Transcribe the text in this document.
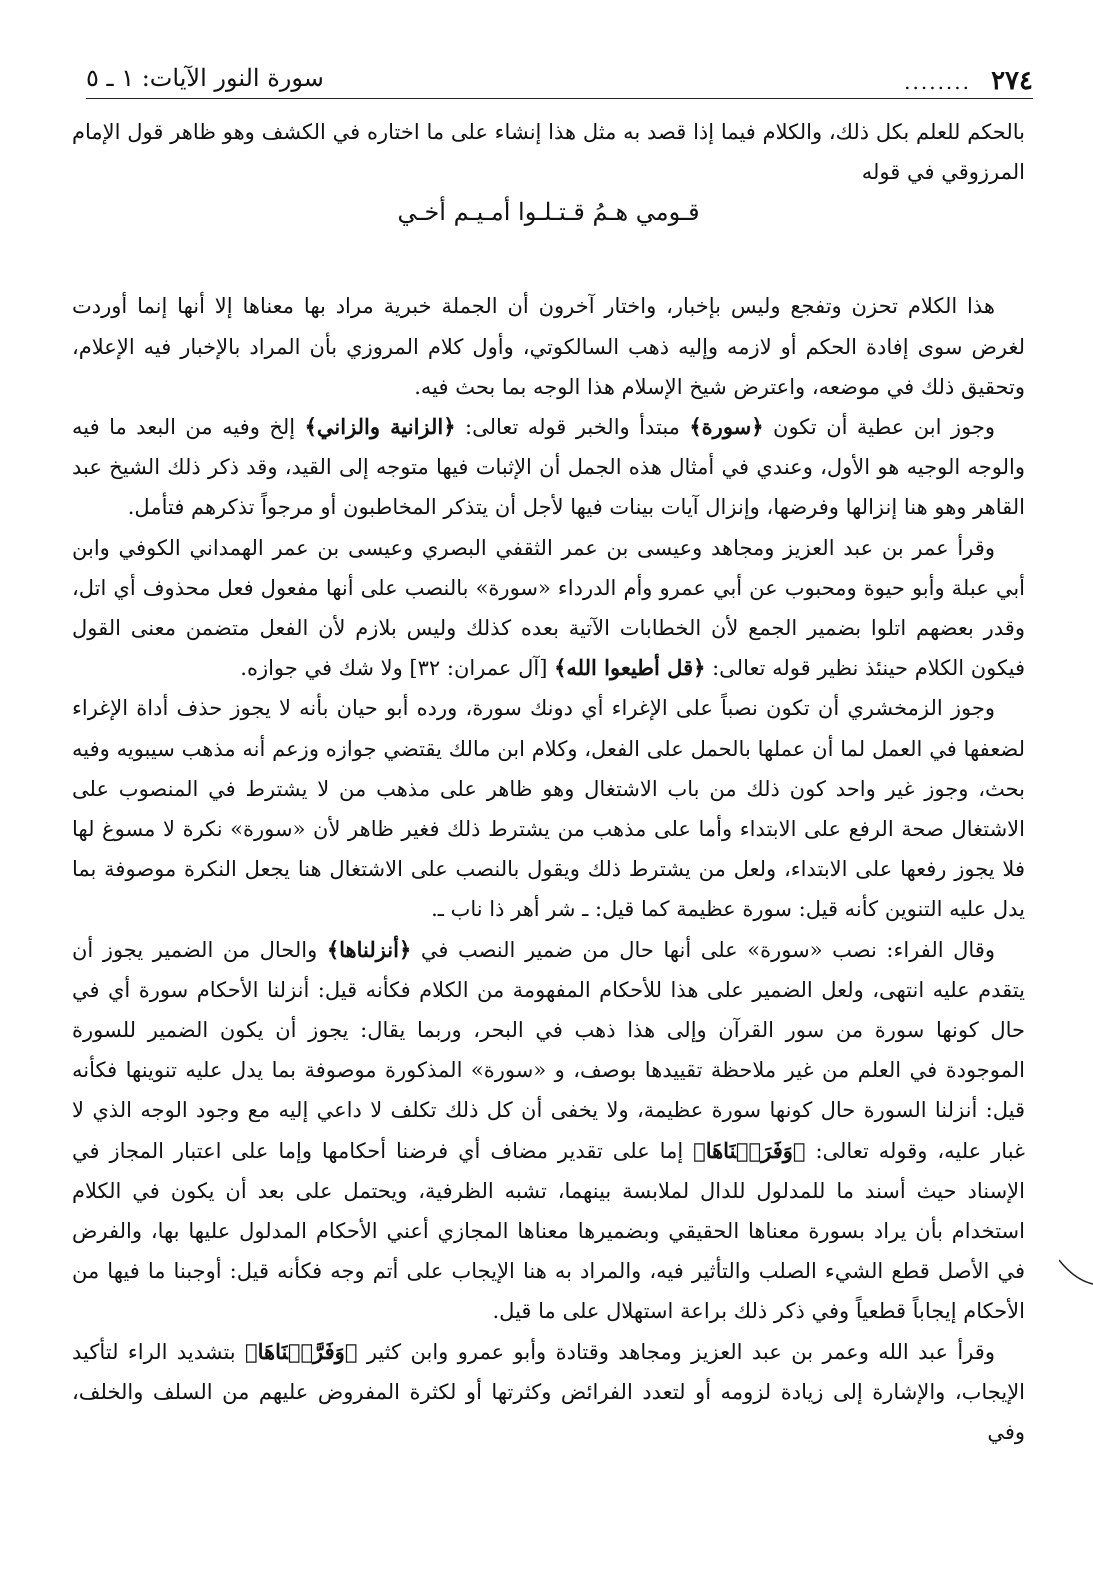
٢٧٤
........
سورة النور الآيات: ١ ـ ٥

بالحكم للعلم بكل ذلك، والكلام فيما إذا قصد به مثل هذا إنشاء على ما اختاره في الكشف وهو ظاهر قول الإمام المرزوقي في قوله

قـومي هـمُ قـتـلـوا أمـيـم أخـي

هذا الكلام تحزن وتفجع وليس بإخبار، واختار آخرون أن الجملة خبرية مراد بها معناها إلا أنها إنما أوردت لغرض سوى إفادة الحكم أو لازمه وإليه ذهب السالكوتي، وأول كلام المروزي بأن المراد بالإخبار فيه الإعلام، وتحقيق ذلك في موضعه، واعترض شيخ الإسلام هذا الوجه بما بحث فيه.

وجوز ابن عطية أن تكون ﴿سورة﴾ مبتدأ والخبر قوله تعالى: ﴿الزانية والزاني﴾ إلخ وفيه من البعد ما فيه والوجه الوجيه هو الأول، وعندي في أمثال هذه الجمل أن الإثبات فيها متوجه إلى القيد، وقد ذكر ذلك الشيخ عبد القاهر وهو هنا إنزالها وفرضها، وإنزال آيات بينات فيها لأجل أن يتذكر المخاطبون أو مرجواً تذكرهم فتأمل.

وقرأ عمر بن عبد العزيز ومجاهد وعيسى بن عمر الثقفي البصري وعيسى بن عمر الهمداني الكوفي وابن أبي عبلة وأبو حيوة ومحبوب عن أبي عمرو وأم الدرداء «سورة» بالنصب على أنها مفعول فعل محذوف أي اتل، وقدر بعضهم اتلوا بضمير الجمع لأن الخطابات الآتية بعده كذلك وليس بلازم لأن الفعل متضمن معنى القول فيكون الكلام حينئذ نظير قوله تعالى: ﴿قل أطيعوا الله﴾ [آل عمران: ٣٢] ولا شك في جوازه.

وجوز الزمخشري أن تكون نصباً على الإغراء أي دونك سورة، ورده أبو حيان بأنه لا يجوز حذف أداة الإغراء لضعفها في العمل لما أن عملها بالحمل على الفعل، وكلام ابن مالك يقتضي جوازه وزعم أنه مذهب سيبويه وفيه بحث، وجوز غير واحد كون ذلك من باب الاشتغال وهو ظاهر على مذهب من لا يشترط في المنصوب على الاشتغال صحة الرفع على الابتداء وأما على مذهب من يشترط ذلك فغير ظاهر لأن «سورة» نكرة لا مسوغ لها فلا يجوز رفعها على الابتداء، ولعل من يشترط ذلك ويقول بالنصب على الاشتغال هنا يجعل النكرة موصوفة بما يدل عليه التنوين كأنه قيل: سورة عظيمة كما قيل: ـ شر أهر ذا ناب ـ.

وقال الفراء: نصب «سورة» على أنها حال من ضمير النصب في ﴿أنزلناها﴾ والحال من الضمير يجوز أن يتقدم عليه انتهى، ولعل الضمير على هذا للأحكام المفهومة من الكلام فكأنه قيل: أنزلنا الأحكام سورة أي في حال كونها سورة من سور القرآن وإلى هذا ذهب في البحر، وربما يقال: يجوز أن يكون الضمير للسورة الموجودة في العلم من غير ملاحظة تقييدها بوصف، و «سورة» المذكورة موصوفة بما يدل عليه تنوينها فكأنه قيل: أنزلنا السورة حال كونها سورة عظيمة، ولا يخفى أن كل ذلك تكلف لا داعي إليه مع وجود الوجه الذي لا غبار عليه، وقوله تعالى: ﴿وَفَرَضۡنَاهَا﴾ إما على تقدير مضاف أي فرضنا أحكامها وإما على اعتبار المجاز في الإسناد حيث أسند ما للمدلول للدال لملابسة بينهما، تشبه الظرفية، ويحتمل على بعد أن يكون في الكلام استخدام بأن يراد بسورة معناها الحقيقي وبضميرها معناها المجازي أعني الأحكام المدلول عليها بها، والفرض في الأصل قطع الشيء الصلب والتأثير فيه، والمراد به هنا الإيجاب على أتم وجه فكأنه قيل: أوجبنا ما فيها من الأحكام إيجاباً قطعياً وفي ذكر ذلك براعة استهلال على ما قيل.

وقرأ عبد الله وعمر بن عبد العزيز ومجاهد وقتادة وأبو عمرو وابن كثير ﴿وَفَرَّضۡنَاهَا﴾ بتشديد الراء لتأكيد الإيجاب، والإشارة إلى زيادة لزومه أو لتعدد الفرائض وكثرتها أو لكثرة المفروض عليهم من السلف والخلف، وفي
